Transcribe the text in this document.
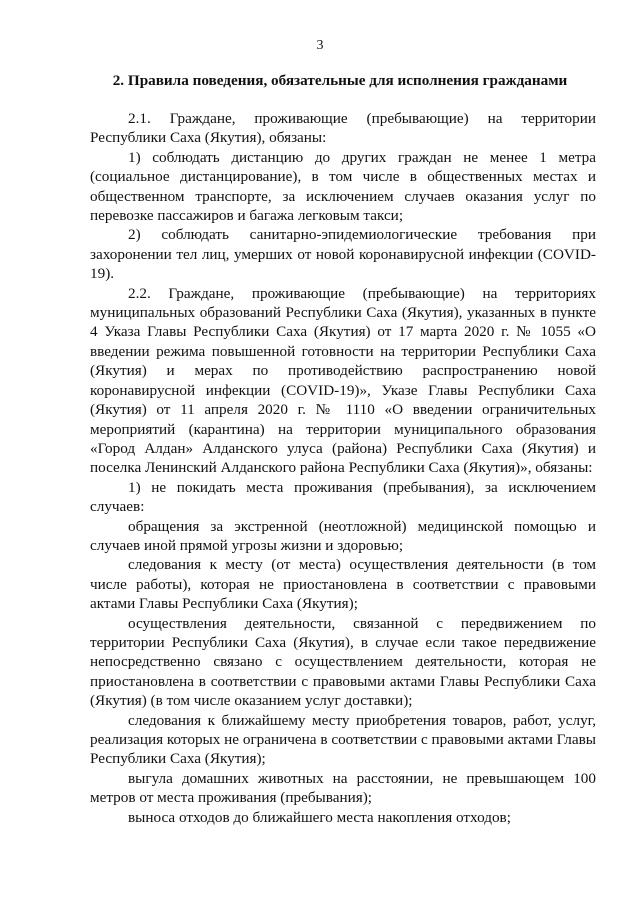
3
2. Правила поведения, обязательные для исполнения гражданами

2.1. Граждане, проживающие (пребывающие) на территории Республики Саха (Якутия), обязаны:

1) соблюдать дистанцию до других граждан не менее 1 метра (социальное дистанцирование), в том числе в общественных местах и общественном транспорте, за исключением случаев оказания услуг по перевозке пассажиров и багажа легковым такси;

2) соблюдать санитарно-эпидемиологические требования при захоронении тел лиц, умерших от новой коронавирусной инфекции (COVID-19).

2.2. Граждане, проживающие (пребывающие) на территориях муниципальных образований Республики Саха (Якутия), указанных в пункте 4 Указа Главы Республики Саха (Якутия) от 17 марта 2020 г. № 1055 «О введении режима повышенной готовности на территории Республики Саха (Якутия) и мерах по противодействию распространению новой коронавирусной инфекции (COVID-19)», Указе Главы Республики Саха (Якутия) от 11 апреля 2020 г. № 1110 «О введении ограничительных мероприятий (карантина) на территории муниципального образования «Город Алдан» Алданского улуса (района) Республики Саха (Якутия) и поселка Ленинский Алданского района Республики Саха (Якутия)», обязаны:

1) не покидать места проживания (пребывания), за исключением случаев:

обращения за экстренной (неотложной) медицинской помощью и случаев иной прямой угрозы жизни и здоровью;

следования к месту (от места) осуществления деятельности (в том числе работы), которая не приостановлена в соответствии с правовыми актами Главы Республики Саха (Якутия);

осуществления деятельности, связанной с передвижением по территории Республики Саха (Якутия), в случае если такое передвижение непосредственно связано с осуществлением деятельности, которая не приостановлена в соответствии с правовыми актами Главы Республики Саха (Якутия) (в том числе оказанием услуг доставки);

следования к ближайшему месту приобретения товаров, работ, услуг, реализация которых не ограничена в соответствии с правовыми актами Главы Республики Саха (Якутия);

выгула домашних животных на расстоянии, не превышающем 100 метров от места проживания (пребывания);

выноса отходов до ближайшего места накопления отходов;
